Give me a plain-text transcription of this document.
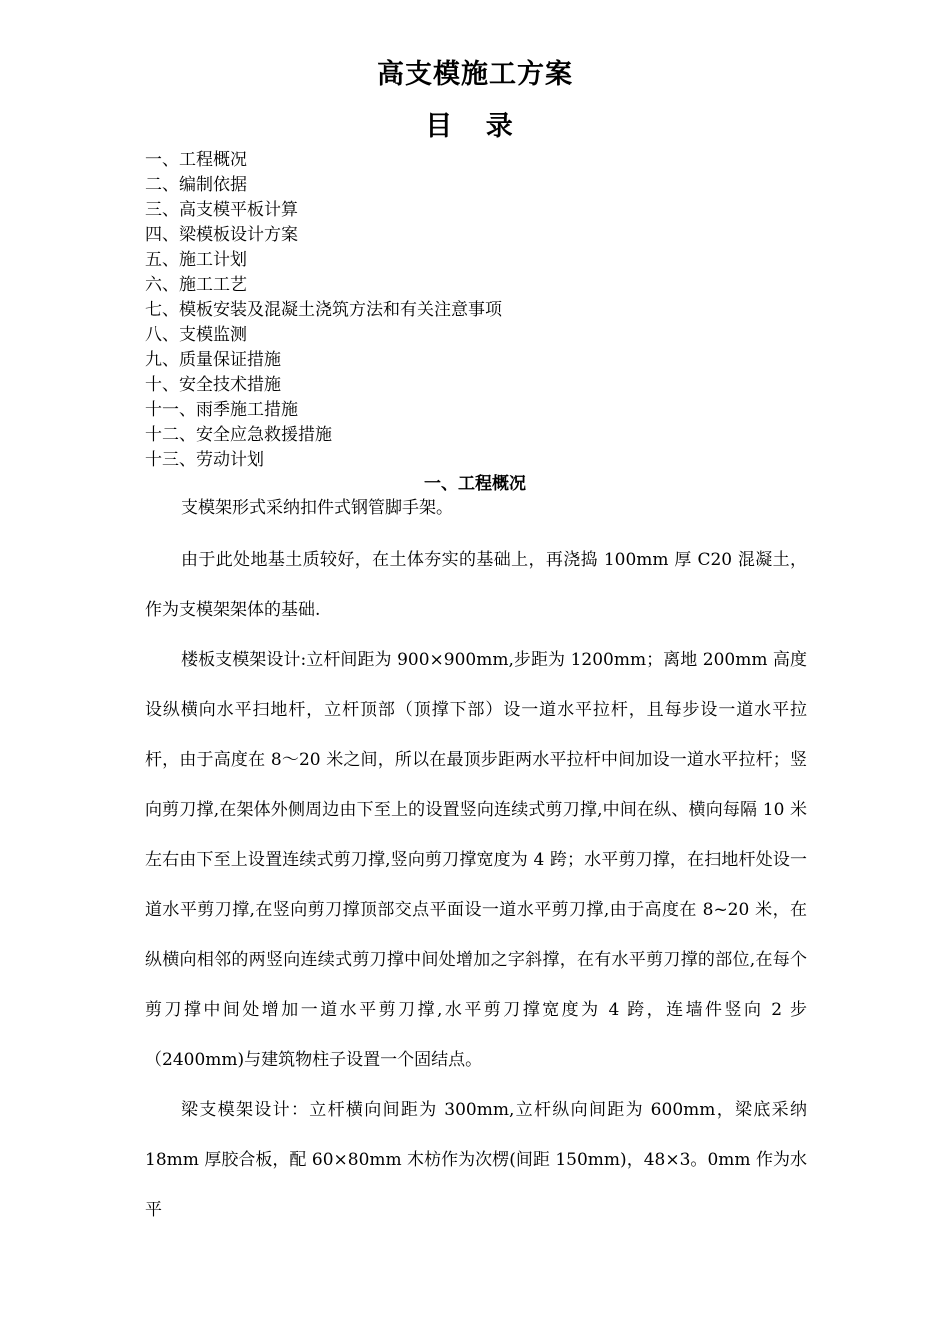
高支模施工方案
目 录
一、工程概况
二、编制依据
三、高支模平板计算
四、梁模板设计方案
五、施工计划
六、施工工艺
七、模板安装及混凝土浇筑方法和有关注意事项
八、支模监测
九、质量保证措施
十、安全技术措施
十一、雨季施工措施
十二、安全应急救援措施
十三、劳动计划
一、工程概况
支模架形式采纳扣件式钢管脚手架。

由于此处地基土质较好，在土体夯实的基础上，再浇捣 100mm 厚 C20 混凝土，作为支模架架体的基础.

楼板支模架设计:立杆间距为 900×900mm,步距为 1200mm；离地 200mm 高度设纵横向水平扫地杆，立杆顶部（顶撑下部）设一道水平拉杆，且每步设一道水平拉杆，由于高度在 8～20 米之间，所以在最顶步距两水平拉杆中间加设一道水平拉杆；竖向剪刀撑,在架体外侧周边由下至上的设置竖向连续式剪刀撑,中间在纵、横向每隔 10 米左右由下至上设置连续式剪刀撑,竖向剪刀撑宽度为 4 跨；水平剪刀撑，在扫地杆处设一道水平剪刀撑,在竖向剪刀撑顶部交点平面设一道水平剪刀撑,由于高度在 8~20 米，在纵横向相邻的两竖向连续式剪刀撑中间处增加之字斜撑，在有水平剪刀撑的部位,在每个剪刀撑中间处增加一道水平剪刀撑,水平剪刀撑宽度为 4 跨，连墙件竖向 2 步（2400mm)与建筑物柱子设置一个固结点。

梁支模架设计：立杆横向间距为 300mm,立杆纵向间距为 600mm，梁底采纳 18mm 厚胶合板，配 60×80mm 木枋作为次楞(间距 150mm)，48×3。0mm 作为水平
